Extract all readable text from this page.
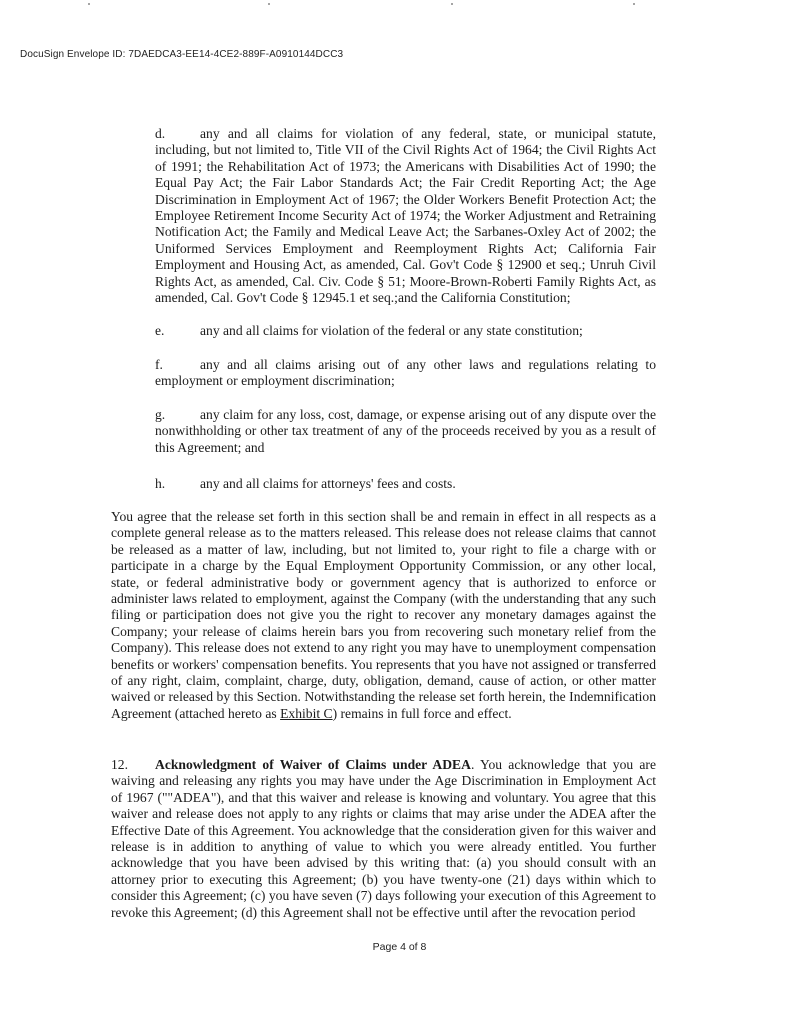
DocuSign Envelope ID: 7DAEDCA3-EE14-4CE2-889F-A0910144DCC3
d.	any and all claims for violation of any federal, state, or municipal statute, including, but not limited to, Title VII of the Civil Rights Act of 1964; the Civil Rights Act of 1991; the Rehabilitation Act of 1973; the Americans with Disabilities Act of 1990; the Equal Pay Act; the Fair Labor Standards Act; the Fair Credit Reporting Act; the Age Discrimination in Employment Act of 1967; the Older Workers Benefit Protection Act; the Employee Retirement Income Security Act of 1974; the Worker Adjustment and Retraining Notification Act; the Family and Medical Leave Act; the Sarbanes-Oxley Act of 2002; the Uniformed Services Employment and Reemployment Rights Act; California Fair Employment and Housing Act, as amended, Cal. Gov't Code § 12900 et seq.; Unruh Civil Rights Act, as amended, Cal. Civ. Code § 51; Moore-Brown-Roberti Family Rights Act, as amended, Cal. Gov't Code § 12945.1 et seq.;and the California Constitution;
e.	any and all claims for violation of the federal or any state constitution;
f.	any and all claims arising out of any other laws and regulations relating to employment or employment discrimination;
g.	any claim for any loss, cost, damage, or expense arising out of any dispute over the nonwithholding or other tax treatment of any of the proceeds received by you as a result of this Agreement; and
h.	any and all claims for attorneys' fees and costs.
You agree that the release set forth in this section shall be and remain in effect in all respects as a complete general release as to the matters released. This release does not release claims that cannot be released as a matter of law, including, but not limited to, your right to file a charge with or participate in a charge by the Equal Employment Opportunity Commission, or any other local, state, or federal administrative body or government agency that is authorized to enforce or administer laws related to employment, against the Company (with the understanding that any such filing or participation does not give you the right to recover any monetary damages against the Company; your release of claims herein bars you from recovering such monetary relief from the Company). This release does not extend to any right you may have to unemployment compensation benefits or workers' compensation benefits. You represents that you have not assigned or transferred of any right, claim, complaint, charge, duty, obligation, demand, cause of action, or other matter waived or released by this Section. Notwithstanding the release set forth herein, the Indemnification Agreement (attached hereto as Exhibit C) remains in full force and effect.
12. Acknowledgment of Waiver of Claims under ADEA. You acknowledge that you are waiving and releasing any rights you may have under the Age Discrimination in Employment Act of 1967 (""ADEA"), and that this waiver and release is knowing and voluntary. You agree that this waiver and release does not apply to any rights or claims that may arise under the ADEA after the Effective Date of this Agreement. You acknowledge that the consideration given for this waiver and release is in addition to anything of value to which you were already entitled. You further acknowledge that you have been advised by this writing that: (a) you should consult with an attorney prior to executing this Agreement; (b) you have twenty-one (21) days within which to consider this Agreement; (c) you have seven (7) days following your execution of this Agreement to revoke this Agreement; (d) this Agreement shall not be effective until after the revocation period
Page 4 of 8
